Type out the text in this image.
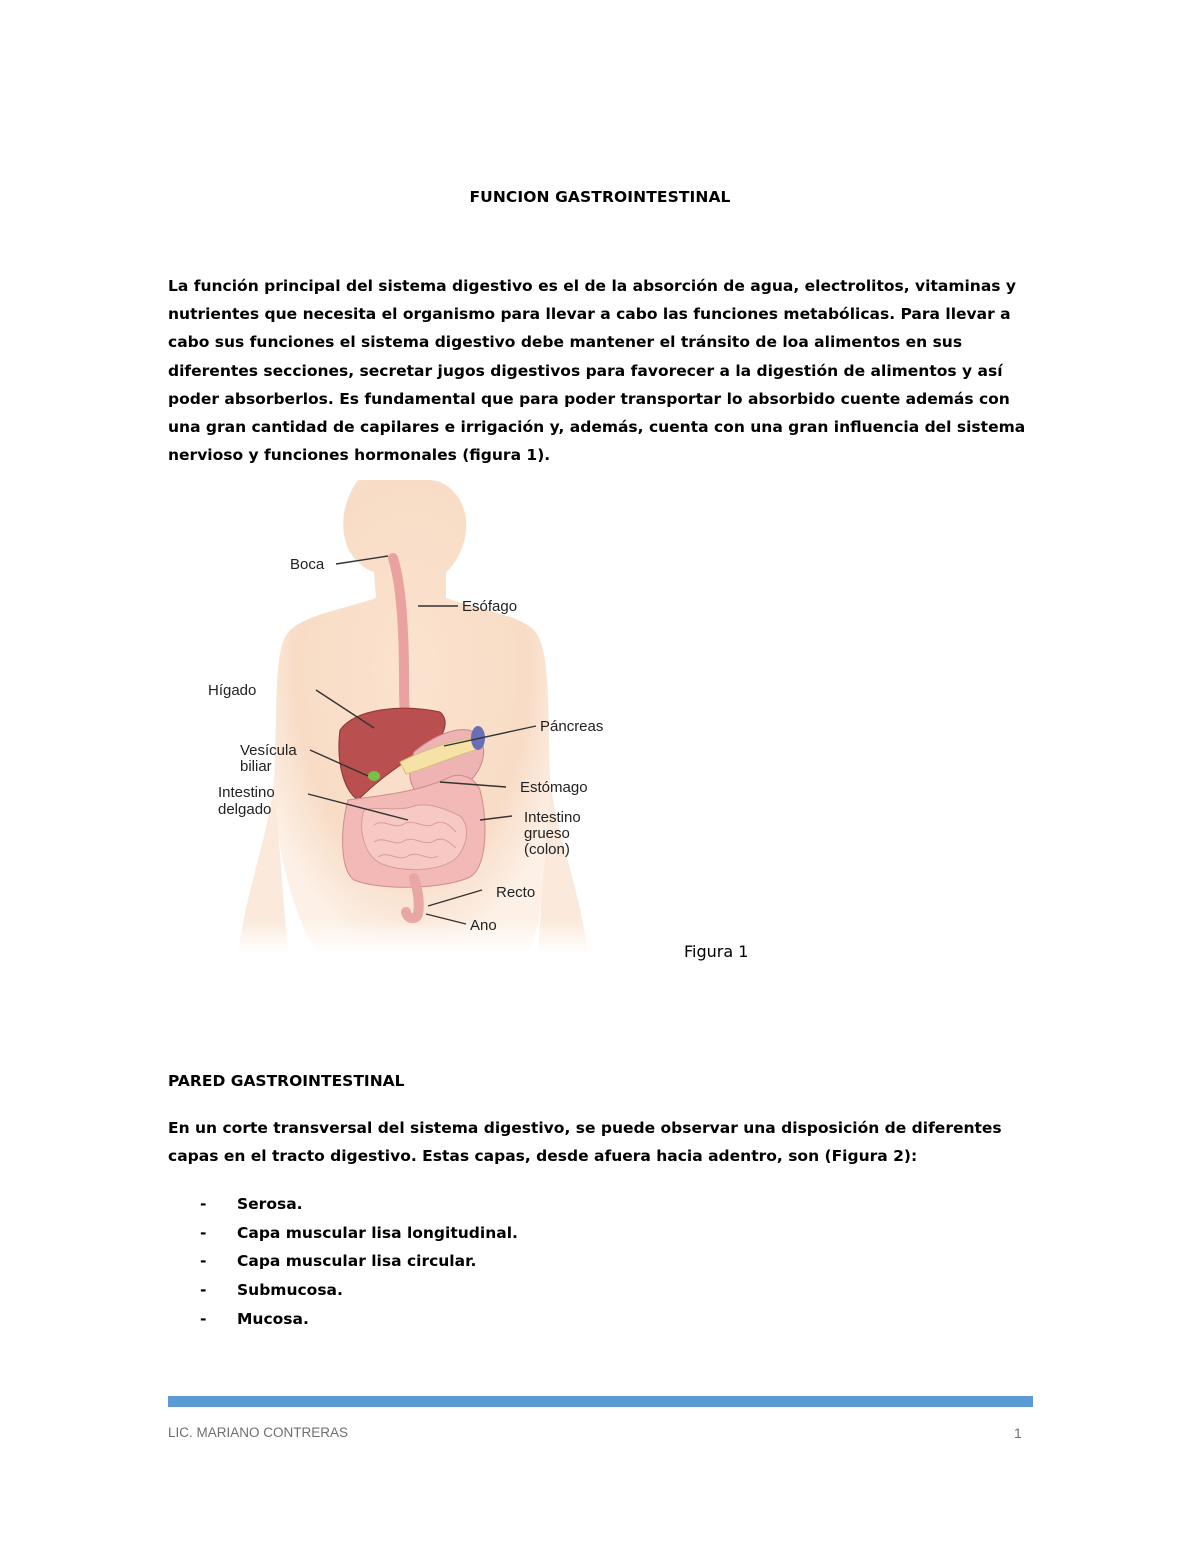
FUNCION GASTROINTESTINAL

La función principal del sistema digestivo es el de la absorción de agua, electrolitos, vitaminas y nutrientes que necesita el organismo para llevar a cabo las funciones metabólicas. Para llevar a cabo sus funciones el sistema digestivo debe mantener el tránsito de loa alimentos en sus diferentes secciones, secretar jugos digestivos para favorecer a la digestión de alimentos y así poder absorberlos. Es fundamental que para poder transportar lo absorbido cuente además con una gran cantidad de capilares e irrigación y, además, cuenta con una gran influencia del sistema nervioso y funciones hormonales (figura 1).

Boca
Esófago
Hígado
Páncreas
Vesícula
biliar
Intestino
delgado
Estómago
Intestino
grueso
(colon)
Recto
Ano
Figura 1
PARED GASTROINTESTINAL

En un corte transversal del sistema digestivo, se puede observar una disposición de diferentes capas en el tracto digestivo. Estas capas, desde afuera hacia adentro, son (Figura 2):

-	Serosa.
-	Capa muscular lisa longitudinal.
-	Capa muscular lisa circular.
-	Submucosa.
-	Mucosa.
LIC. MARIANO CONTRERAS	1
